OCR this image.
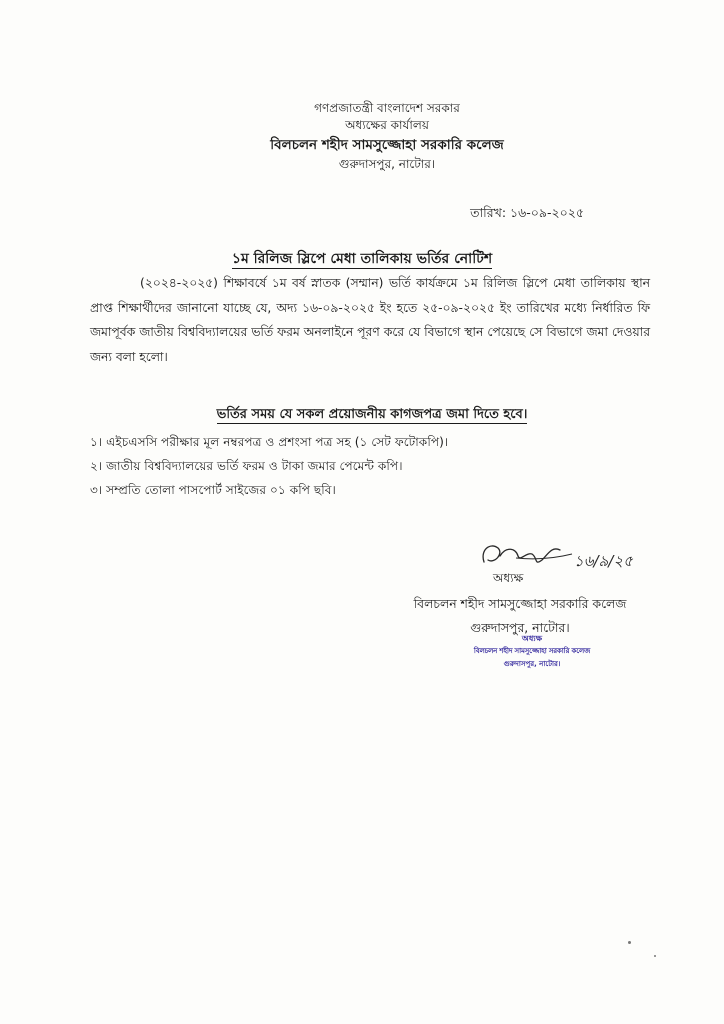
গণপ্রজাতন্ত্রী বাংলাদেশ সরকার
অধ্যক্ষের কার্যালয়
বিলচলন শহীদ সামসুজ্জোহা সরকারি কলেজ
গুরুদাসপুর, নাটোর।
তারিখ: ১৬-০৯-২০২৫
১ম রিলিজ স্লিপে মেধা তালিকায় ভর্তির নোটিশ
(২০২৪-২০২৫) শিক্ষাবর্ষে ১ম বর্ষ স্নাতক (সম্মান) ভর্তি কার্যক্রমে ১ম রিলিজ স্লিপে মেধা তালিকায় স্থান প্রাপ্ত শিক্ষার্থীদের জানানো যাচ্ছে যে, অদ্য ১৬-০৯-২০২৫ ইং হতে ২৫-০৯-২০২৫ ইং তারিখের মধ্যে নির্ধারিত ফি জমাপূর্বক জাতীয় বিশ্ববিদ্যালয়ের ভর্তি ফরম অনলাইনে পূরণ করে যে বিভাগে স্থান পেয়েছে সে বিভাগে জমা দেওয়ার জন্য বলা হলো।
ভর্তির সময় যে সকল প্রয়োজনীয় কাগজপত্র জমা দিতে হবে।
১। এইচএসসি পরীক্ষার মূল নম্বরপত্র ও প্রশংসা পত্র সহ (১ সেট ফটোকপি)।
২। জাতীয় বিশ্ববিদ্যালয়ের ভর্তি ফরম ও টাকা জমার পেমেন্ট কপি।
৩। সম্প্রতি তোলা পাসপোর্ট সাইজের ০১ কপি ছবি।
১৬/৯/২৫
অধ্যক্ষ
বিলচলন শহীদ সামসুজ্জোহা সরকারি কলেজ
গুরুদাসপুর, নাটোর।
অধ্যক্ষ
বিলচলন শহীদ সামসুজ্জোহা সরকারি কলেজ
গুরুদাসপুর, নাটোর।
